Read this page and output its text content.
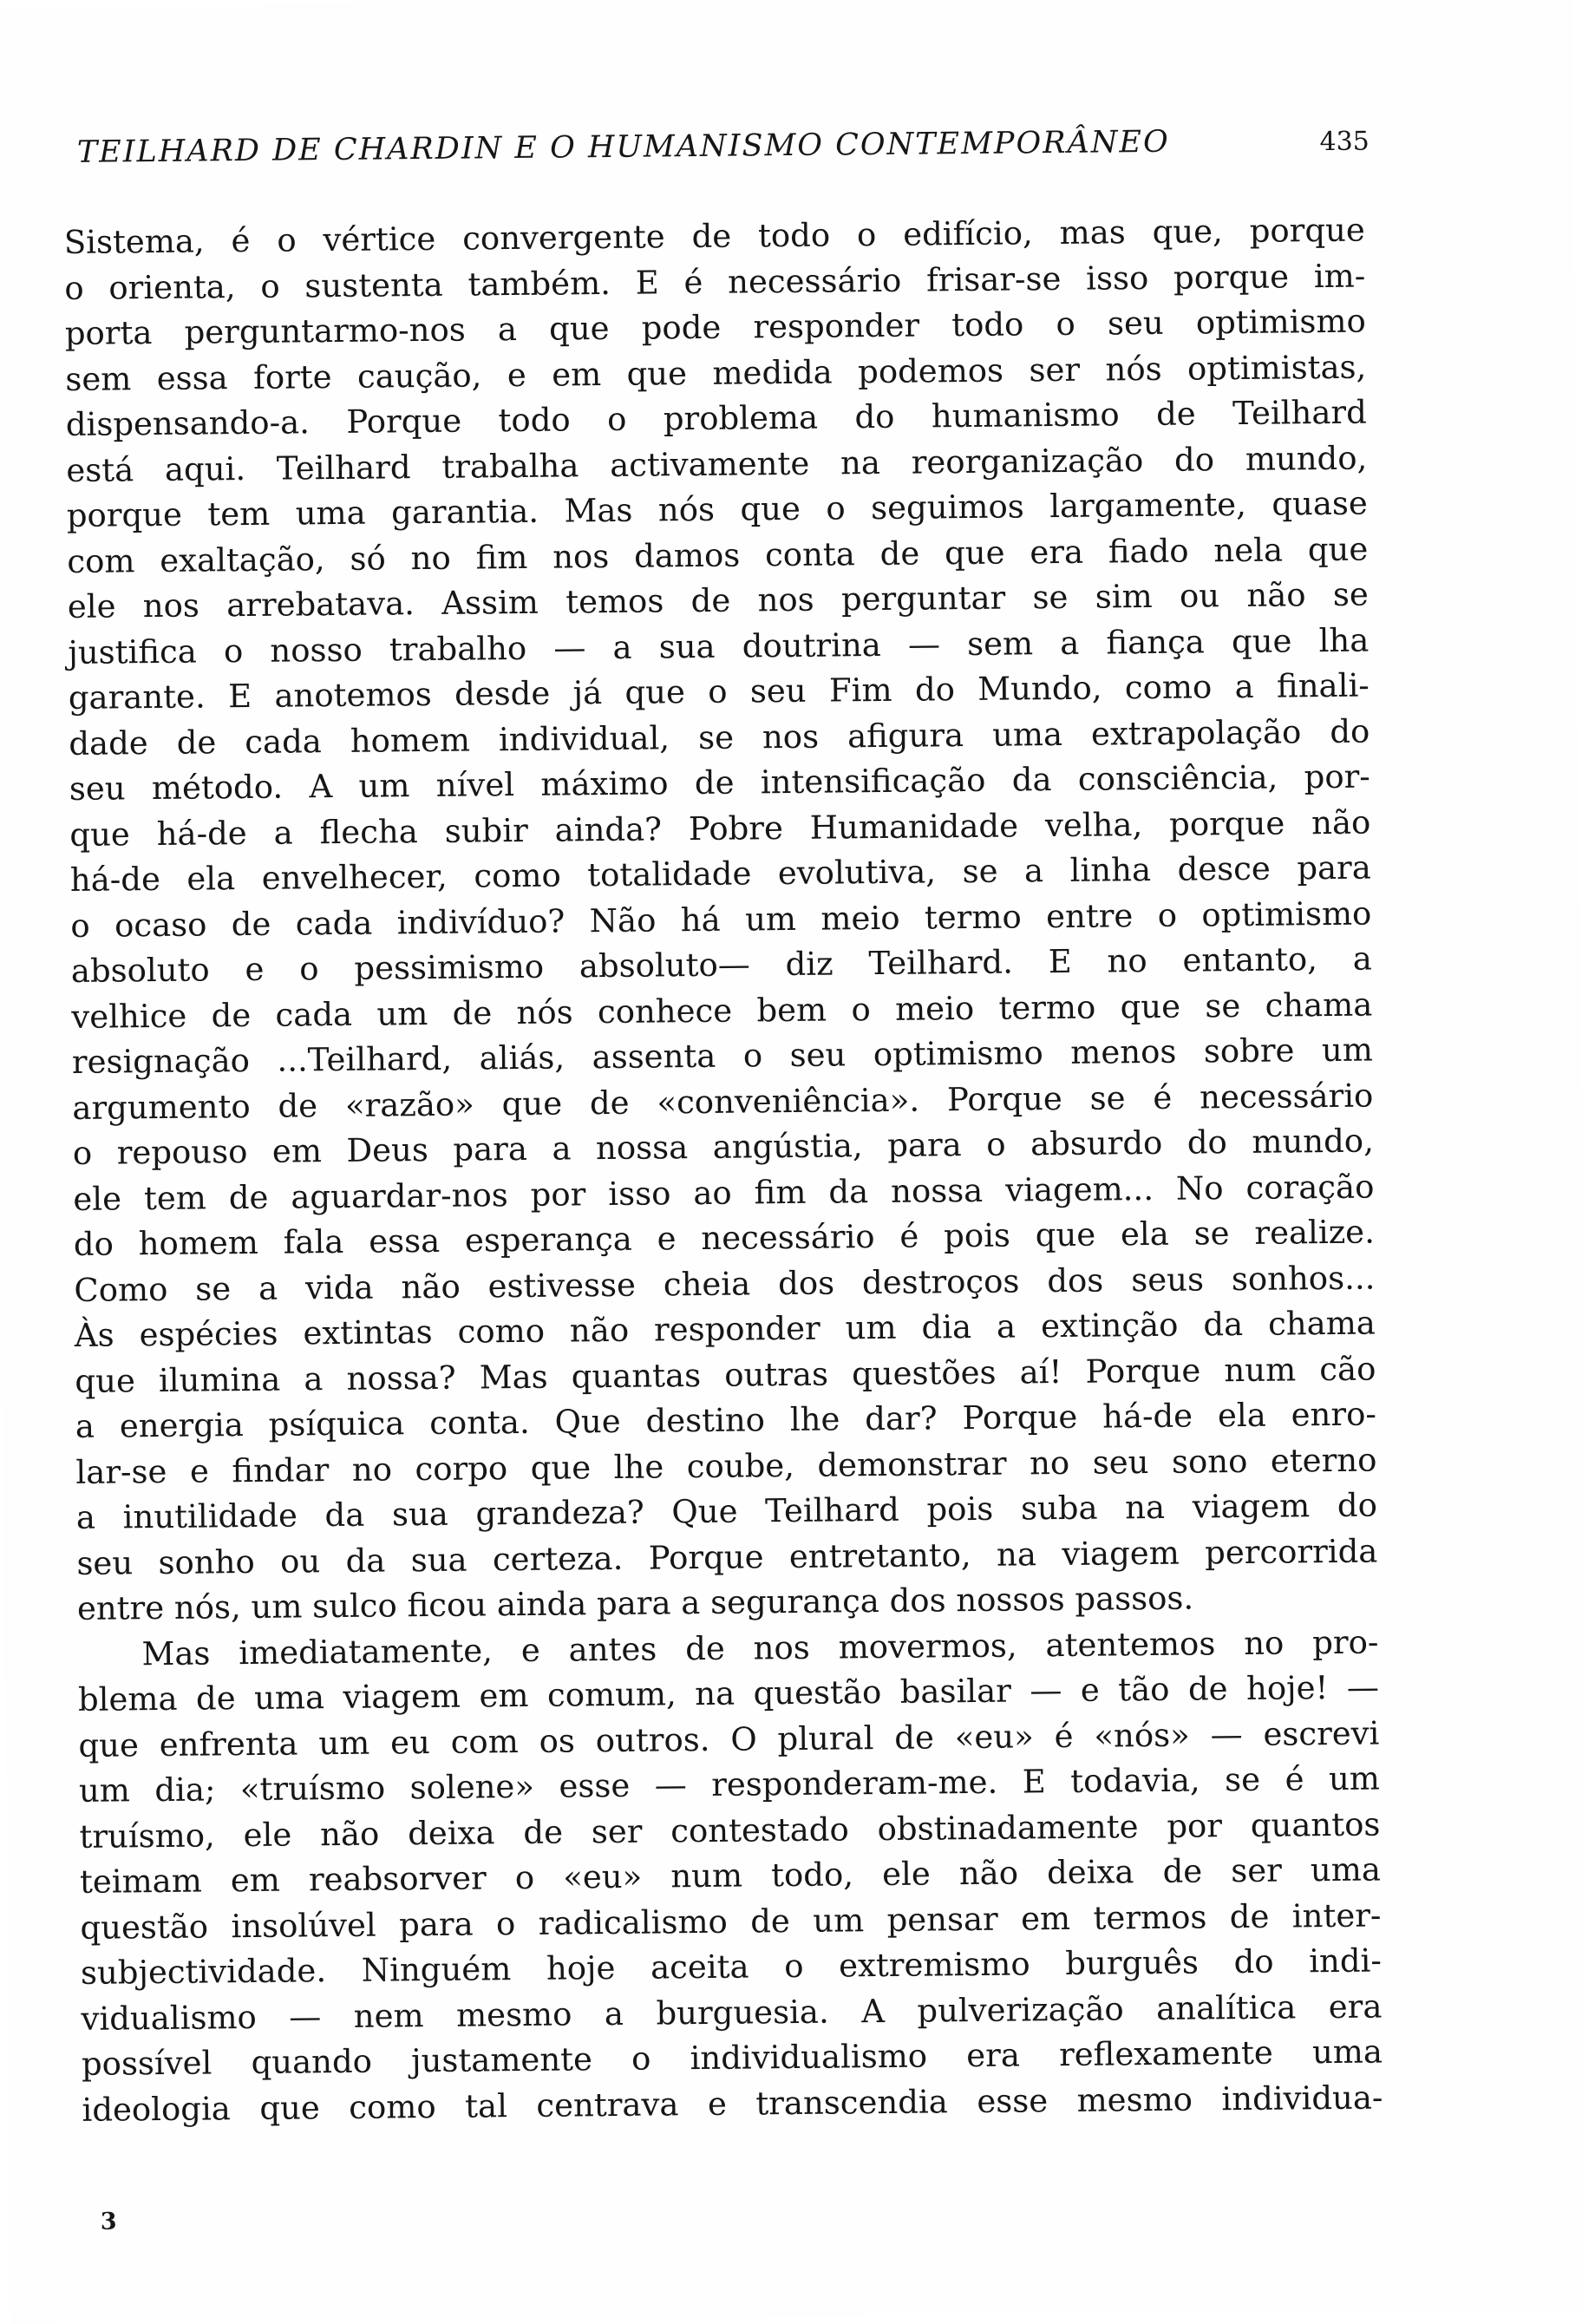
TEILHARD DE CHARDIN E O HUMANISMO CONTEMPORÂNEO	435
Sistema, é o vértice convergente de todo o edifício, mas que, porque
o orienta, o sustenta também. E é necessário frisar-se isso porque im-
porta perguntarmo-nos a que pode responder todo o seu optimismo
sem essa forte caução, e em que medida podemos ser nós optimistas,
dispensando-a. Porque todo o problema do humanismo de Teilhard
está aqui. Teilhard trabalha activamente na reorganização do mundo,
porque tem uma garantia. Mas nós que o seguimos largamente, quase
com exaltação, só no fim nos damos conta de que era fiado nela que
ele nos arrebatava. Assim temos de nos perguntar se sim ou não se
justifica o nosso trabalho — a sua doutrina — sem a fiança que lha
garante. E anotemos desde já que o seu Fim do Mundo, como a finali-
dade de cada homem individual, se nos afigura uma extrapolação do
seu método. A um nível máximo de intensificação da consciência, por-
que há-de a flecha subir ainda? Pobre Humanidade velha, porque não
há-de ela envelhecer, como totalidade evolutiva, se a linha desce para
o ocaso de cada indivíduo? Não há um meio termo entre o optimismo
absoluto e o pessimismo absoluto— diz Teilhard. E no entanto, a
velhice de cada um de nós conhece bem o meio termo que se chama
resignação ...Teilhard, aliás, assenta o seu optimismo menos sobre um
argumento de «razão» que de «conveniência». Porque se é necessário
o repouso em Deus para a nossa angústia, para o absurdo do mundo,
ele tem de aguardar-nos por isso ao fim da nossa viagem... No coração
do homem fala essa esperança e necessário é pois que ela se realize.
Como se a vida não estivesse cheia dos destroços dos seus sonhos...
Às espécies extintas como não responder um dia a extinção da chama
que ilumina a nossa? Mas quantas outras questões aí! Porque num cão
a energia psíquica conta. Que destino lhe dar? Porque há-de ela enro-
lar-se e findar no corpo que lhe coube, demonstrar no seu sono eterno
a inutilidade da sua grandeza? Que Teilhard pois suba na viagem do
seu sonho ou da sua certeza. Porque entretanto, na viagem percorrida
entre nós, um sulco ficou ainda para a segurança dos nossos passos.
Mas imediatamente, e antes de nos movermos, atentemos no pro-
blema de uma viagem em comum, na questão basilar — e tão de hoje! —
que enfrenta um eu com os outros. O plural de «eu» é «nós» — escrevi
um dia; «truísmo solene» esse — responderam-me. E todavia, se é um
truísmo, ele não deixa de ser contestado obstinadamente por quantos
teimam em reabsorver o «eu» num todo, ele não deixa de ser uma
questão insolúvel para o radicalismo de um pensar em termos de inter-
subjectividade. Ninguém hoje aceita o extremismo burguês do indi-
vidualismo — nem mesmo a burguesia. A pulverização analítica era
possível quando justamente o individualismo era reflexamente uma
ideologia que como tal centrava e transcendia esse mesmo individua-
3
